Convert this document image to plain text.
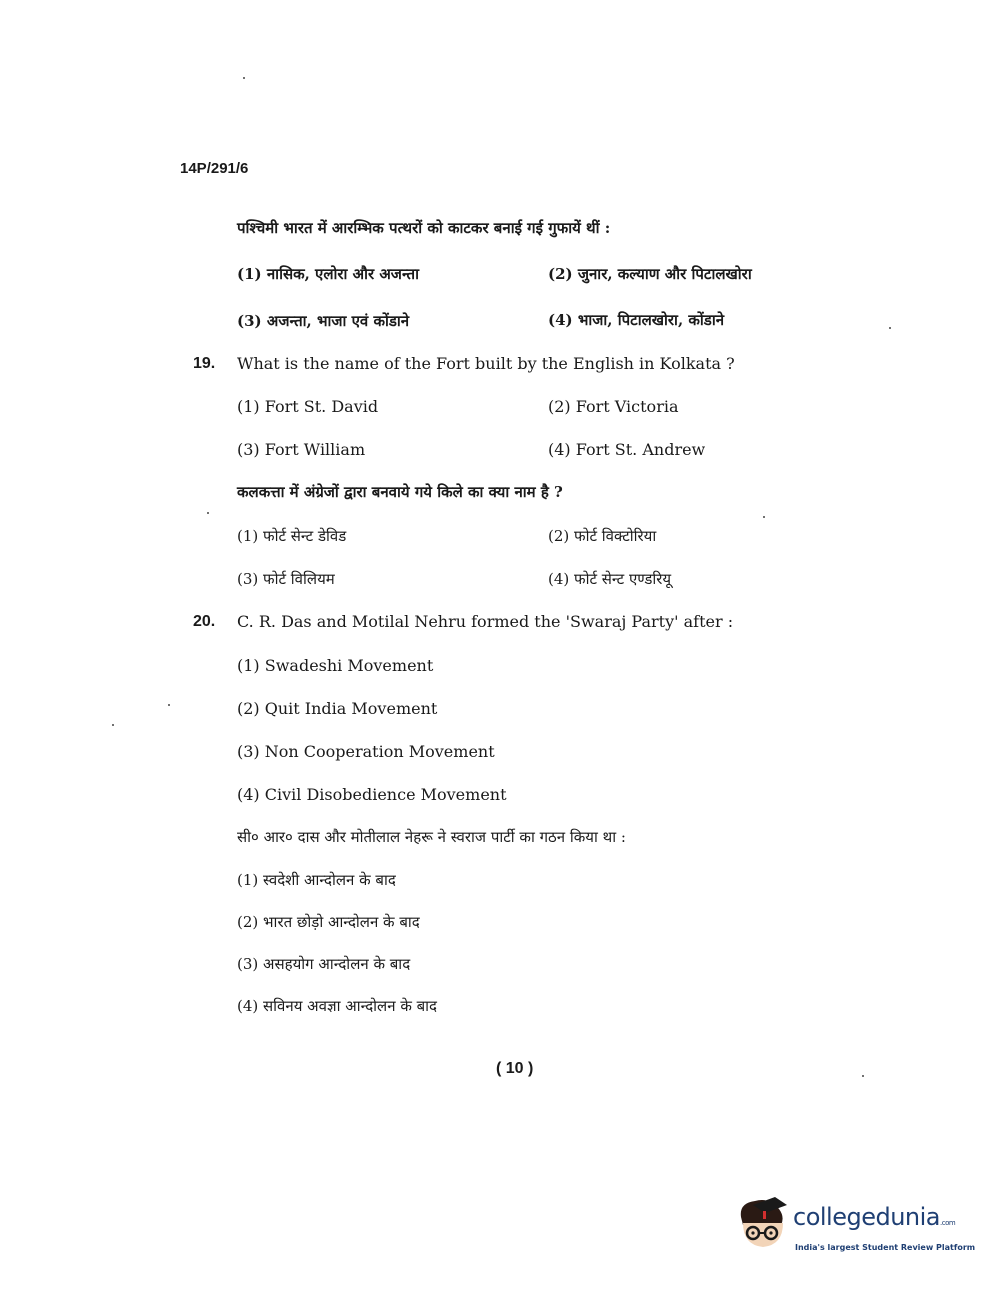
14P/291/6
पश्चिमी भारत में आरम्भिक पत्थरों को काटकर बनाई गई गुफायें थीं :
(1) नासिक, एलोरा और अजन्ता	(2) जुनार, कल्याण और पिटालखोरा
(3) अजन्ता, भाजा एवं कोंडाने	(4) भाजा, पिटालखोरा, कोंडाने
19. What is the name of the Fort built by the English in Kolkata ?
(1) Fort St. David	(2) Fort Victoria
(3) Fort William	(4) Fort St. Andrew
कलकत्ता में अंग्रेजों द्वारा बनवाये गये किले का क्या नाम है ?
(1) फोर्ट सेन्ट डेविड	(2) फोर्ट विक्टोरिया
(3) फोर्ट विलियम	(4) फोर्ट सेन्ट एण्डरियू
20. C. R. Das and Motilal Nehru formed the 'Swaraj Party' after :
(1) Swadeshi Movement
(2) Quit India Movement
(3) Non Cooperation Movement
(4) Civil Disobedience Movement
सी० आर० दास और मोतीलाल नेहरू ने स्वराज पार्टी का गठन किया था :
(1) स्वदेशी आन्दोलन के बाद
(2) भारत छोड़ो आन्दोलन के बाद
(3) असहयोग आन्दोलन के बाद
(4) सविनय अवज्ञा आन्दोलन के बाद
( 10 )
collegedunia.com
India's largest Student Review Platform
